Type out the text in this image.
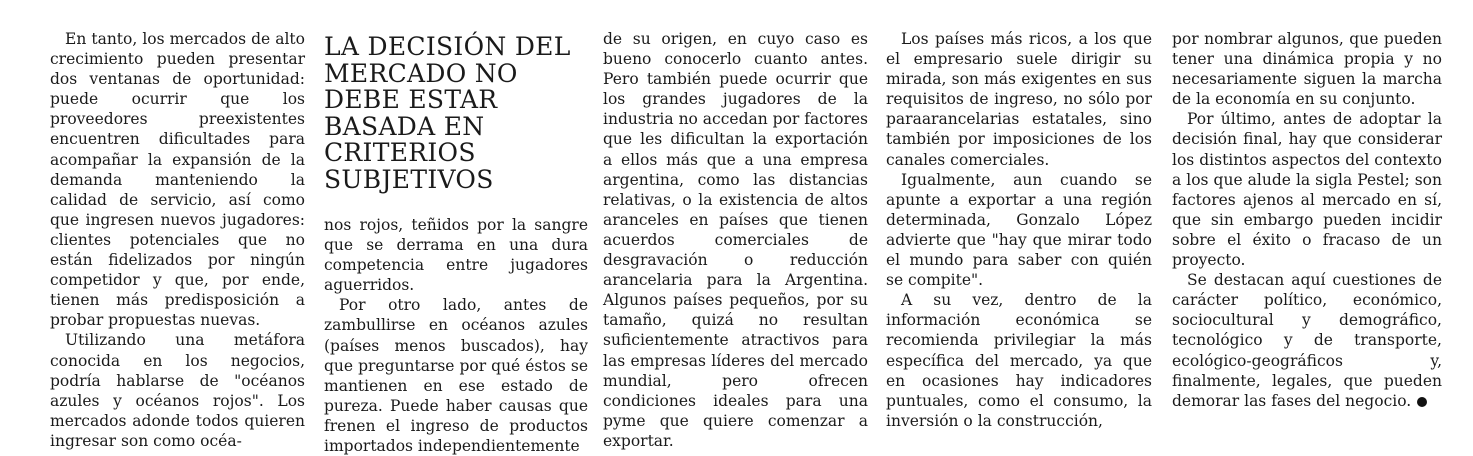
En tanto, los mercados de alto crecimiento pueden presentar dos ventanas de oportunidad: puede ocurrir que los proveedores preexistentes encuentren dificultades para acompañar la expansión de la demanda manteniendo la calidad de servicio, así como que ingresen nuevos jugadores: clientes potenciales que no están fidelizados por ningún competidor y que, por ende, tienen más predisposición a probar propuestas nuevas.

Utilizando una metáfora conocida en los negocios, podría hablarse de "océanos azules y océanos rojos". Los mercados adonde todos quieren ingresar son como océa-

LA DECISIÓN DEL MERCADO NO DEBE ESTAR BASADA EN CRITERIOS SUBJETIVOS

nos rojos, teñidos por la sangre que se derrama en una dura competencia entre jugadores aguerridos.

Por otro lado, antes de zambullirse en océanos azules (países menos buscados), hay que preguntarse por qué éstos se mantienen en ese estado de pureza. Puede haber causas que frenen el ingreso de productos importados independientemente

de su origen, en cuyo caso es bueno conocerlo cuanto antes. Pero también puede ocurrir que los grandes jugadores de la industria no accedan por factores que les dificultan la exportación a ellos más que a una empresa argentina, como las distancias relativas, o la existencia de altos aranceles en países que tienen acuerdos comerciales de desgravación o reducción arancelaria para la Argentina. Algunos países pequeños, por su tamaño, quizá no resultan suficientemente atractivos para las empresas líderes del mercado mundial, pero ofrecen condiciones ideales para una pyme que quiere comenzar a exportar.

Los países más ricos, a los que el empresario suele dirigir su mirada, son más exigentes en sus requisitos de ingreso, no sólo por paraarancelarias estatales, sino también por imposiciones de los canales comerciales.

Igualmente, aun cuando se apunte a exportar a una región determinada, Gonzalo López advierte que "hay que mirar todo el mundo para saber con quién se compite".

A su vez, dentro de la información económica se recomienda privilegiar la más específica del mercado, ya que en ocasiones hay indicadores puntuales, como el consumo, la inversión o la construcción,

por nombrar algunos, que pueden tener una dinámica propia y no necesariamente siguen la marcha de la economía en su conjunto.

Por último, antes de adoptar la decisión final, hay que considerar los distintos aspectos del contexto a los que alude la sigla Pestel; son factores ajenos al mercado en sí, que sin embargo pueden incidir sobre el éxito o fracaso de un proyecto.

Se destacan aquí cuestiones de carácter político, económico, sociocultural y demográfico, tecnológico y de transporte, ecológico-geográficos y, finalmente, legales, que pueden demorar las fases del negocio.
